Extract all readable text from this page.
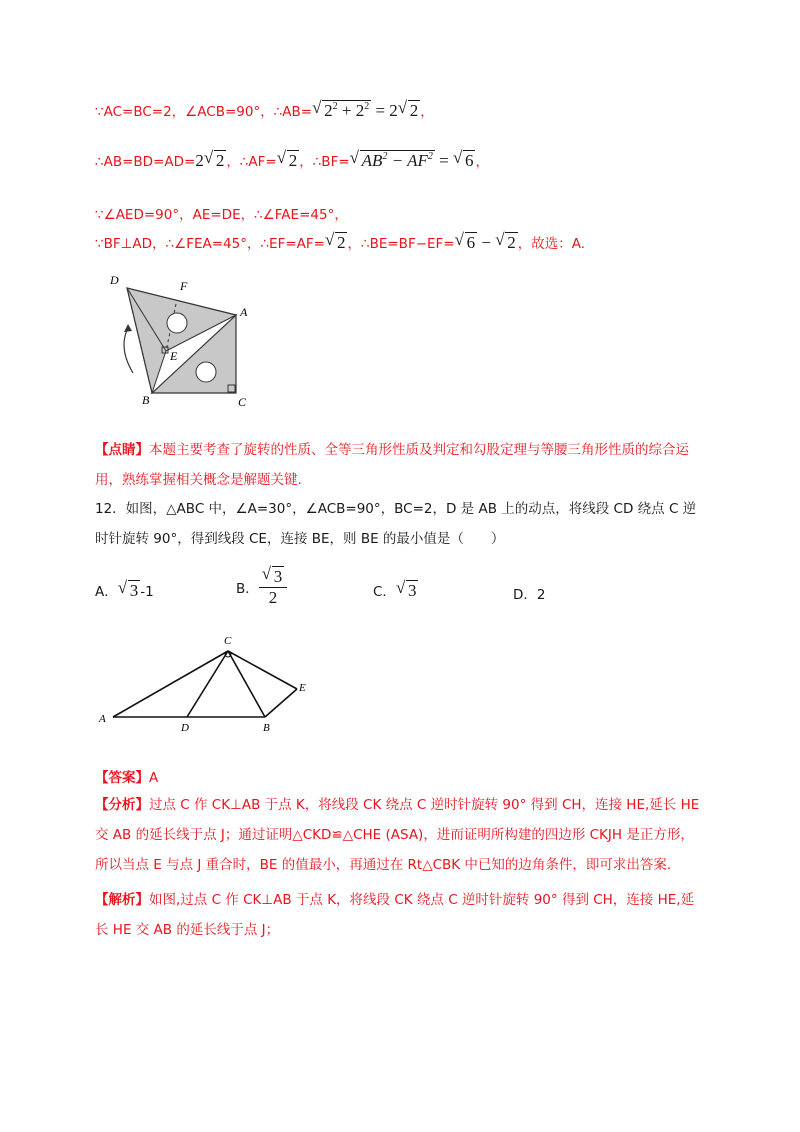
∵AC=BC=2，∠ACB=90°，∴AB=√ $2^2 + 2^2 = 2√$ 2 ，
∴AB=BD=AD=2√ 2 ，∴AF=√ 2 ，∴BF=√ $AB^2 - AF^2$ = √ 6 ，
∵∠AED=90°，AE=DE，∴∠FAE=45°，
∵BF⊥AD，∴∠FEA=45°，∴EF=AF=√ 2 ，∴BE=BF−EF=√ 6 − √ 2 ，故选：A.
D	F
A
E
B	C
【点睛】本题主要考查了旋转的性质、全等三角形性质及判定和勾股定理与等腰三角形性质的综合运用，熟练掌握相关概念是解题关键.
12．如图，△ABC 中，∠A=30°，∠ACB=90°，BC=2，D 是 AB 上的动点，将线段 CD 绕点 C 逆时针旋转 90°，得到线段 CE，连接 BE，则 BE 的最小值是（　　）
A．√ 3 -1	B．
√ $\frac{3}{2}$	C．√ 3	D．2
C
A
D	B
E
【答案】A
【分析】过点 C 作 CK⊥AB 于点 K，将线段 CK 绕点 C 逆时针旋转 90° 得到 CH，连接 HE,延长 HE 交 AB 的延长线于点 J；通过证明△CKD≌△CHE (ASA)，进而证明所构建的四边形 CKJH 是正方形，所以当点 E 与点 J 重合时，BE 的值最小，再通过在 Rt△CBK 中已知的边角条件，即可求出答案.
【解析】如图,过点 C 作 CK⊥AB 于点 K，将线段 CK 绕点 C 逆时针旋转 90° 得到 CH，连接 HE,延长 HE 交 AB 的延长线于点 J；
